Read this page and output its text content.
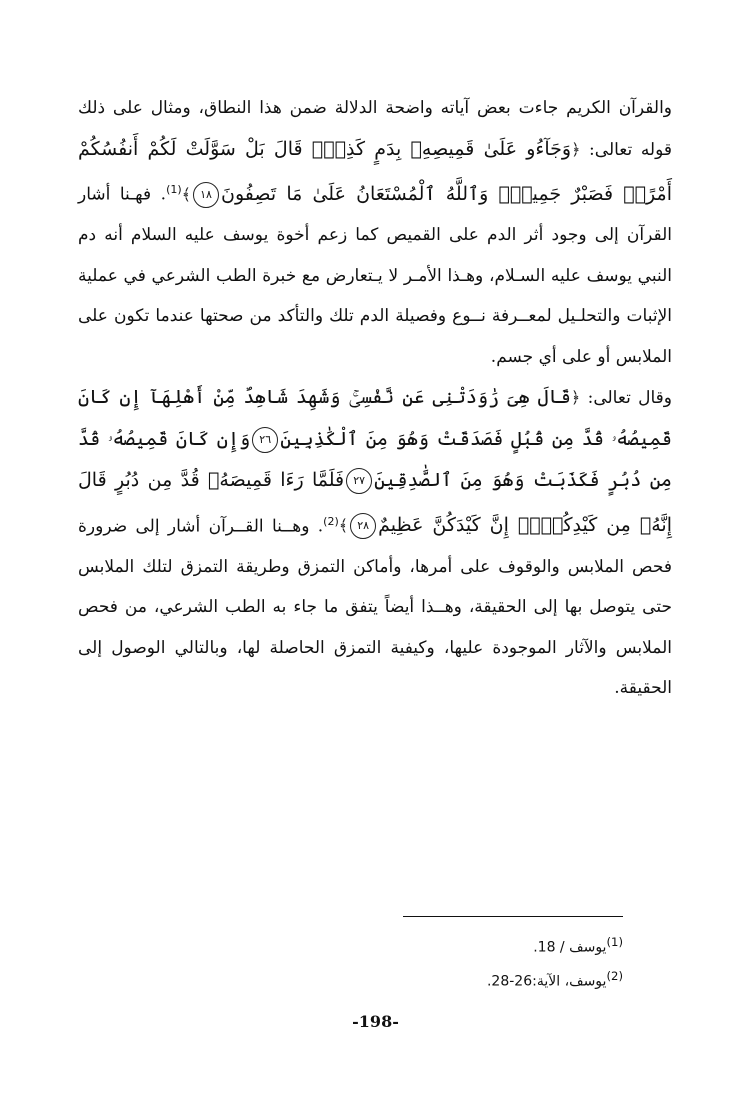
والقرآن الكريم جاءت بعض آياته واضحة الدلالة ضمن هذا النطاق، ومثال على ذلك قوله تعالى: ﴿وَجَآءُو عَلَىٰ قَمِيصِهِۦ بِدَمٍ كَذِبٍۚ قَالَ بَلْ سَوَّلَتْ لَكُمْ أَنفُسُكُمْ أَمْرًاۖ فَصَبْرٌ جَمِيلٌۖ وَٱللَّهُ ٱلْمُسْتَعَانُ عَلَىٰ مَا تَصِفُونَ١٨﴾$^{(1)}$. فهـنا أشار القرآن إلى وجود أثر الدم على القميص كما زعم أخوة يوسف عليه السلام أنه دم النبي يوسف عليه السـلام، وهـذا الأمـر لا يـتعارض مع خبرة الطب الشرعي في عملية الإثبات والتحلـيل لمعــرفة نــوع وفصيلة الدم تلك والتأكد من صحتها عندما تكون على الملابس أو على أي جسم.

وقال تعالى: ﴿قَالَ هِىَ رَٰوَدَتْنِى عَن نَّفْسِىۚ وَشَهِدَ شَاهِدٌ مِّنْ أَهْلِهَآ إِن كَانَ قَمِيصُهُۥ قُدَّ مِن قُبُلٍ فَصَدَقَتْ وَهُوَ مِنَ ٱلْكَٰذِبِينَ٢٦وَإِن كَانَ قَمِيصُهُۥ قُدَّ مِن دُبُرٍ فَكَذَبَتْ وَهُوَ مِنَ ٱلصَّٰدِقِينَ٢٧فَلَمَّا رَءَا قَمِيصَهُۥ قُدَّ مِن دُبُرٍ قَالَ إِنَّهُۥ مِن كَيْدِكُنَّۖ إِنَّ كَيْدَكُنَّ عَظِيمٌ٢٨﴾$^{(2)}$. وهــنا القــرآن أشار إلى ضرورة فحص الملابس والوقوف على أمرها، وأماكن التمزق وطريقة التمزق لتلك الملابس حتى يتوصل بها إلى الحقيقة، وهــذا أيضاً يتفق ما جاء به الطب الشرعي، من فحص الملابس والآثار الموجودة عليها، وكيفية التمزق الحاصلة لها، وبالتالي الوصول إلى الحقيقة.

$^{(1)}$يوسف / 18.

$^{(2)}$يوسف، الآية:26-28.

-198-
